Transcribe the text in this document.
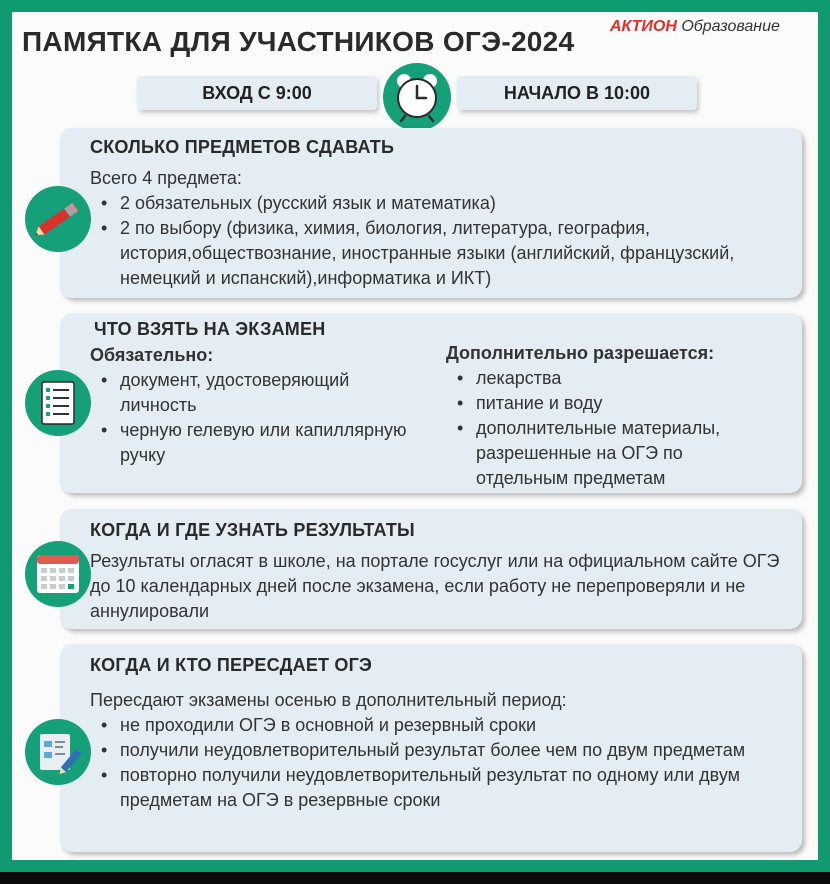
ПАМЯТКА ДЛЯ УЧАСТНИКОВ ОГЭ-2024 АКТИОН Образование
ВХОД С 9:00	НАЧАЛО В 10:00
СКОЛЬКО ПРЕДМЕТОВ СДАВАТЬ
Всего 4 предмета:
• 2 обязательных (русский язык и математика)
• 2 по выбору (физика, химия, биология, литература, география, история,обществознание, иностранные языки (английский, французский, немецкий и испанский),информатика и ИКТ)
ЧТО ВЗЯТЬ НА ЭКЗАМЕН
Обязательно:
• документ, удостоверяющий личность
• черную гелевую или капиллярную ручку
Дополнительно разрешается:
• лекарства
• питание и воду
• дополнительные материалы, разрешенные на ОГЭ по отдельным предметам
КОГДА И ГДЕ УЗНАТЬ РЕЗУЛЬТАТЫ
Результаты огласят в школе, на портале госуслуг или на официальном сайте ОГЭ до 10 календарных дней после экзамена, если работу не перепроверяли и не аннулировали
КОГДА И КТО ПЕРЕСДАЕТ ОГЭ
Пересдают экзамены осенью в дополнительный период:
• не проходили ОГЭ в основной и резервный сроки
• получили неудовлетворительный результат более чем по двум предметам
• повторно получили неудовлетворительный результат по одному или двум предметам на ОГЭ в резервные сроки
